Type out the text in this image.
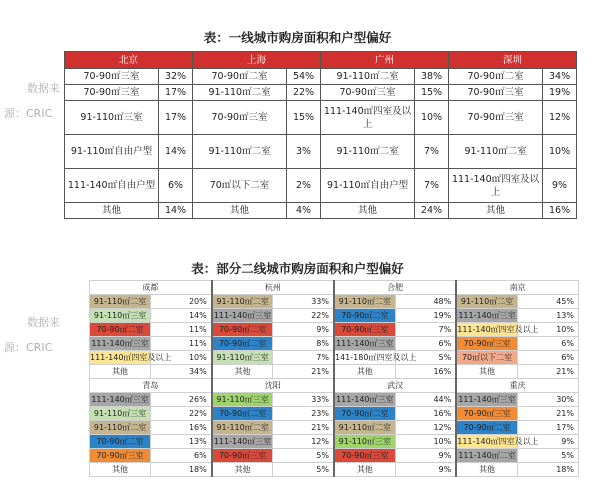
表：一线城市购房面积和户型偏好
数据来
源：CRIC
北京		上海		广州		深圳	
70-90㎡三室	32%	70-90㎡二室	54%	91-110㎡二室	38%	70-90㎡二室	34%
70-90㎡三室	17%	91-110㎡二室	22%	70-90㎡三室	15%	70-90㎡三室	19%
91-110㎡三室	17%	70-90㎡三室	15%	111-140㎡四室及以上	10%	70-90㎡三室	12%
91-110㎡自由户型	14%	91-110㎡二室	3%	91-110㎡二室	7%	91-110㎡二室	10%
111-140㎡自由户型	6%	70㎡以下二室	2%	91-110㎡自由户型	7%	111-140㎡四室及以上	9%
其他	14%	其他	4%	其他	24%	其他	16%
表：部分二线城市购房面积和户型偏好
数据来
源：CRIC
成都		杭州		合肥		南京	
91-110㎡二室	20%	91-110㎡二室	33%	91-110㎡二室	48%	91-110㎡二室	45%
91-110㎡三室	14%	111-140㎡三室	22%	70-90㎡二室	19%	111-140㎡三室	13%
70-90㎡二室	11%	70-90㎡二室	9%	70-90㎡三室	7%	111-140㎡四室及以上	10%
111-140㎡三室	11%	70-90㎡二室	8%	111-140㎡三室	6%	70-90㎡三室	6%
111-140㎡四室及以上	10%	91-110㎡三室	7%	141-180㎡四室及以上	5%	70㎡以下二室	6%
其他	34%	其他	21%	其他	16%	其他	21%
青岛		沈阳		武汉		重庆	
111-140㎡三室	26%	91-110㎡三室	33%	111-140㎡三室	44%	111-140㎡三室	30%
91-110㎡三室	22%	70-90㎡二室	23%	70-90㎡二室	16%	70-90㎡三室	21%
91-110㎡二室	16%	91-110㎡二室	21%	91-110㎡二室	12%	70-90㎡二室	17%
70-90㎡二室	13%	111-140㎡三室	12%	91-110㎡三室	10%	111-140㎡四室及以上	9%
70-90㎡三室	6%	70-90㎡三室	5%	70-90㎡三室	9%	111-140㎡二室	5%
其他	18%	其他	5%	其他	9%	其他	18%
